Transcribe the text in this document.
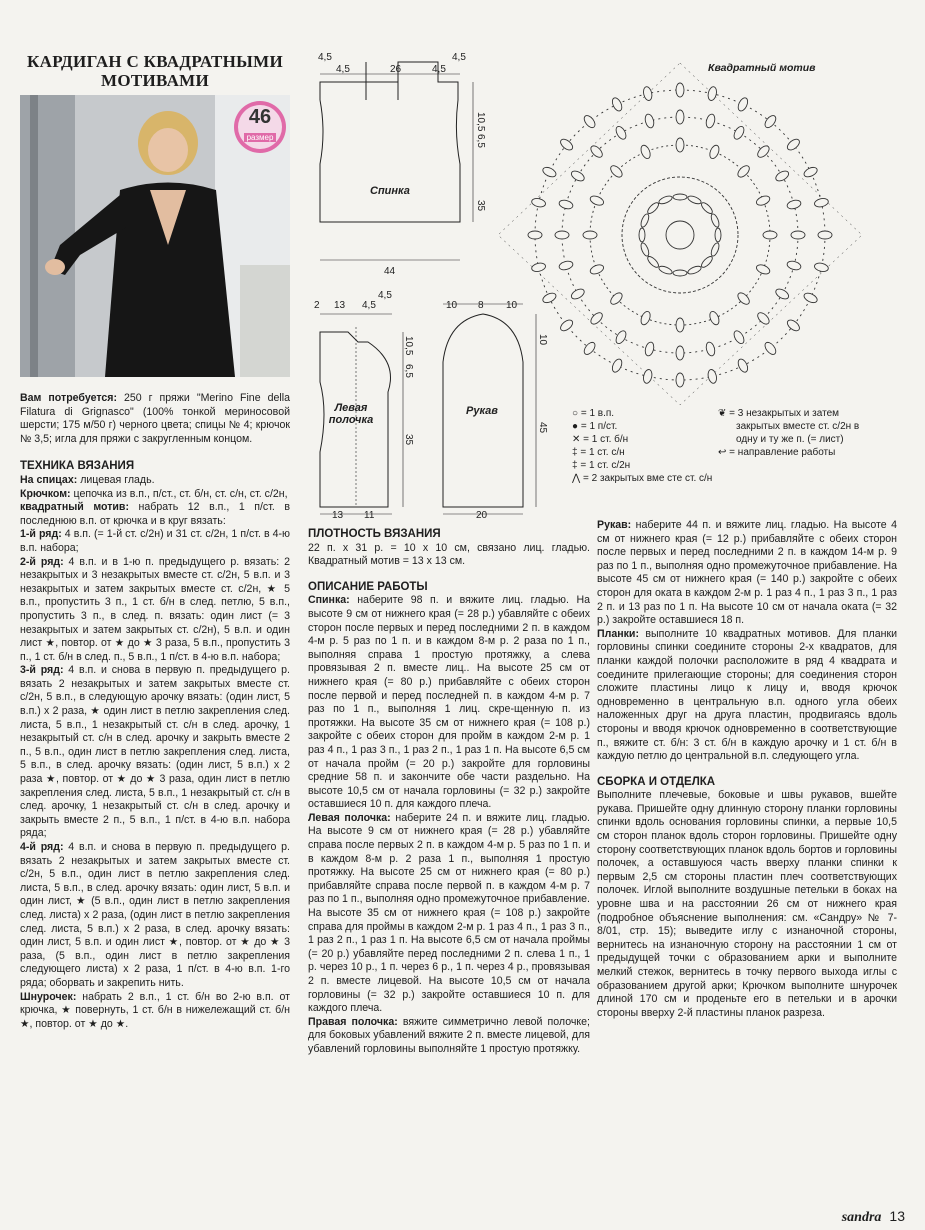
КАРДИГАН С КВАДРАТНЫМИ МОТИВАМИ
46
размер

Вам потребуется: 250 г пряжи "Merino Fine della Filatura di Grignasco" (100% тонкой мериносовой шерсти; 175 м/50 г) черного цвета; спицы № 4; крючок № 3,5; игла для пряжи с закругленным концом.

ТЕХНИКА ВЯЗАНИЯ

На спицах: лицевая гладь.

Крючком: цепочка из в.п., п/ст., ст. б/н, ст. с/н, ст. с/2н,

квадратный мотив: набрать 12 в.п., 1 п/ст. в последнюю в.п. от крючка и в круг вязать:

1-й ряд: 4 в.п. (= 1-й ст. с/2н) и 31 ст. с/2н, 1 п/ст. в 4-ю в.п. набора;

2-й ряд: 4 в.п. и в 1-ю п. предыдущего р. вязать: 2 незакрытых и 3 незакрытых вместе ст. с/2н, 5 в.п. и 3 незакрытых и затем закрытых вместе ст. с/2н, ★ 5 в.п., пропустить 3 п., 1 ст. б/н в след. петлю, 5 в.п., пропустить 3 п., в след. п. вязать: один лист (= 3 незакрытых и затем закрытых ст. с/2н), 5 в.п. и один лист ★, повтор. от ★ до ★ 3 раза, 5 в.п., пропустить 3 п., 1 ст. б/н в след. п., 5 в.п., 1 п/ст. в 4-ю в.п. набора;

3-й ряд: 4 в.п. и снова в первую п. предыдущего р. вязать 2 незакрытых и затем закрытых вместе ст. с/2н, 5 в.п., в следующую арочку вязать: (один лист, 5 в.п.) x 2 раза, ★ один лист в петлю закрепления след. листа, 5 в.п., 1 незакрытый ст. с/н в след. арочку, 1 незакрытый ст. с/н в след. арочку и закрыть вместе 2 п., 5 в.п., один лист в петлю закрепления след. листа, 5 в.п., в след. арочку вязать: (один лист, 5 в.п.) x 2 раза ★, повтор. от ★ до ★ 3 раза, один лист в петлю закрепления след. листа, 5 в.п., 1 незакрытый ст. с/н в след. арочку, 1 незакрытый ст. с/н в след. арочку и закрыть вместе 2 п., 5 в.п., 1 п/ст. в 4-ю в.п. набора ряда;

4-й ряд: 4 в.п. и снова в первую п. предыдущего р. вязать 2 незакрытых и затем закрытых вместе ст. с/2н, 5 в.п., один лист в петлю закрепления след. листа, 5 в.п., в след. арочку вязать: один лист, 5 в.п. и один лист, ★ (5 в.п., один лист в петлю закрепления след. листа) x 2 раза, (один лист в петлю закрепления след. листа, 5 в.п.) x 2 раза, в след. арочку вязать: один лист, 5 в.п. и один лист ★, повтор. от ★ до ★ 3 раза, (5 в.п., один лист в петлю закрепления следующего листа) x 2 раза, 1 п/ст. в 4-ю в.п. 1-го ряда; оборвать и закрепить нить.

Шнурочек: набрать 2 в.п., 1 ст. б/н во 2-ю в.п. от крючка, ★ повернуть, 1 ст. б/н в нижележащий ст. б/н ★, повтор. от ★ до ★.

4,5
4,5	26	4,5
4,5
10,5
6,5
35
Спинка
44
2 13 4,5
4,5
10,5
6,5
35
Левая полочка
13 11
10 8 10
10
45
Рукав
20
Квадратный мотив
○ = 1 в.п.
● = 1 п/ст.
✕ = 1 ст. б/н
‡ = 1 ст. с/н
‡ = 1 ст. с/2н
⋀ = 2 закрытых вме сте ст. с/н
❦ = 3 незакрытых и затем закрытых вместе ст. с/2н в одну и ту же п. (= лист)
↩ = направление работы

ПЛОТНОСТЬ ВЯЗАНИЯ

22 п. x 31 р. = 10 x 10 см, связано лиц. гладью. Квадратный мотив = 13 x 13 см.

ОПИСАНИЕ РАБОТЫ

Спинка: наберите 98 п. и вяжите лиц. гладью. На высоте 9 см от нижнего края (= 28 р.) убавляйте с обеих сторон после первых и перед последними 2 п. в каждом 4-м р. 5 раз по 1 п. и в каждом 8-м р. 2 раза по 1 п., выполняя справа 1 простую протяжку, а слева провязывая 2 п. вместе лиц.. На высоте 25 см от нижнего края (= 80 р.) прибавляйте с обеих сторон после первой и перед последней п. в каждом 4-м р. 7 раз по 1 п., выполняя 1 лиц. скре-щенную п. из протяжки. На высоте 35 см от нижнего края (= 108 р.) закройте с обеих сторон для пройм в каждом 2-м р. 1 раз 4 п., 1 раз 3 п., 1 раз 2 п., 1 раз 1 п. На высоте 6,5 см от начала пройм (= 20 р.) закройте для горловины средние 58 п. и закончите обе части раздельно. На высоте 10,5 см от начала горловины (= 32 р.) закройте оставшиеся 10 п. для каждого плеча.

Левая полочка: наберите 24 п. и вяжите лиц. гладью. На высоте 9 см от нижнего края (= 28 р.) убавляйте справа после первых 2 п. в каждом 4-м р. 5 раз по 1 п. и в каждом 8-м р. 2 раза 1 п., выполняя 1 простую протяжку. На высоте 25 см от нижнего края (= 80 р.) прибавляйте справа после первой п. в каждом 4-м р. 7 раз по 1 п., выполняя одно промежуточное прибавление. На высоте 35 см от нижнего края (= 108 р.) закройте справа для проймы в каждом 2-м р. 1 раз 4 п., 1 раз 3 п., 1 раз 2 п., 1 раз 1 п. На высоте 6,5 см от начала проймы (= 20 р.) убавляйте перед последними 2 п. слева 1 п., 1 р. через 10 р., 1 п. через 6 р., 1 п. через 4 р., провязывая 2 п. вместе лицевой. На высоте 10,5 см от начала горловины (= 32 р.) закройте оставшиеся 10 п. для каждого плеча.

Правая полочка: вяжите симметрично левой полочке; для боковых убавлений вяжите 2 п. вместе лицевой, для убавлений горловины выполняйте 1 простую протяжку.

Рукав: наберите 44 п. и вяжите лиц. гладью. На высоте 4 см от нижнего края (= 12 р.) прибавляйте с обеих сторон после первых и перед последними 2 п. в каждом 14-м р. 9 раз по 1 п., выполняя одно промежуточное прибавление. На высоте 45 см от нижнего края (= 140 р.) закройте с обеих сторон для оката в каждом 2-м р. 1 раз 4 п., 1 раз 3 п., 1 раз 2 п. и 13 раз по 1 п. На высоте 10 см от начала оката (= 32 р.) закройте оставшиеся 18 п.

Планки: выполните 10 квадратных мотивов. Для планки горловины спинки соедините стороны 2-х квадратов, для планки каждой полочки расположите в ряд 4 квадрата и соедините прилегающие стороны; для соединения сторон сложите пластины лицо к лицу и, вводя крючок одновременно в центральную в.п. одного угла обеих наложенных друг на друга пластин, продвигаясь вдоль стороны и вводя крючок одновременно в соответствующие п., вяжите ст. б/н: 3 ст. б/н в каждую арочку и 1 ст. б/н в каждую петлю до центральной в.п. следующего угла.

СБОРКА И ОТДЕЛКА

Выполните плечевые, боковые и швы рукавов, вшейте рукава. Пришейте одну длинную сторону планки горловины спинки вдоль основания горловины спинки, а первые 10,5 см сторон планок вдоль сторон горловины. Пришейте одну сторону соответствующих планок вдоль бортов и горловины полочек, а оставшуюся часть вверху планки спинки к первым 2,5 см стороны пластин плеч соответствующих полочек. Иглой выполните воздушные петельки в боках на уровне шва и на расстоянии 26 см от нижнего края (подробное объяснение выполнения: см. «Сандру» № 7-8/01, стр. 15); выведите иглу с изнаночной стороны, вернитесь на изнаночную сторону на расстоянии 1 см от предыдущей точки с образованием арки и выполните мелкий стежок, вернитесь в точку первого выхода иглы с образованием другой арки; Крючком выполните шнурочек длиной 170 см и проденьте его в петельки и в арочки стороны вверху 2-й пластины планок разреза.

sandra 13
